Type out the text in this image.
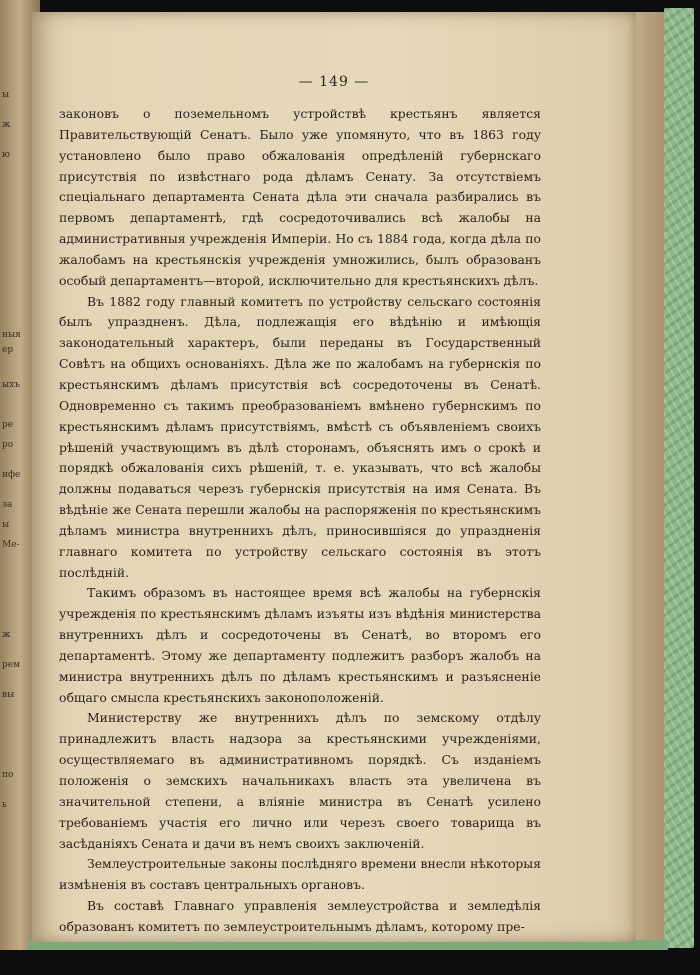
ы
ж
ю
ныя
ер
ыхъ
ре
ро
ифе
за
ы
Ме-
ж
рем
вы
по
ь
— 149 —

законовъ о поземельномъ устройствѣ крестьянъ является Правительствующій Сенатъ. Было уже упомянуто, что въ 1863 году установлено было право обжалованія опредѣленій губернскаго присутствія по извѣстнаго рода дѣламъ Сенату. За отсутствіемъ спеціальнаго департамента Сената дѣла эти сначала разбирались въ первомъ департаментѣ, гдѣ сосредоточивались всѣ жалобы на административныя учрежденія Имперіи. Но съ 1884 года, когда дѣла по жалобамъ на крестьянскія учрежденія умножились, былъ образованъ особый департаментъ—второй, исключительно для крестьянскихъ дѣлъ.

Въ 1882 году главный комитетъ по устройству сельскаго состоянія былъ упраздненъ. Дѣла, подлежащія его вѣдѣнію и имѣющія законодательный характеръ, были переданы въ Государственный Совѣтъ на общихъ основаніяхъ. Дѣла же по жалобамъ на губернскія по крестьянскимъ дѣламъ присутствія всѣ сосредоточены въ Сенатѣ. Одновременно съ такимъ преобразованіемъ вмѣнено губернскимъ по крестьянскимъ дѣламъ присутствіямъ, вмѣстѣ съ объявленіемъ своихъ рѣшеній участвующимъ въ дѣлѣ сторонамъ, объяснять имъ о срокѣ и порядкѣ обжалованія сихъ рѣшеній, т. е. указывать, что всѣ жалобы должны подаваться черезъ губернскія присутствія на имя Сената. Въ вѣдѣніе же Сената перешли жалобы на распоряженія по крестьянскимъ дѣламъ министра внутреннихъ дѣлъ, приносившіяся до упраздненія главнаго комитета по устройству сельскаго состоянія въ этотъ послѣдній.

Такимъ образомъ въ настоящее время всѣ жалобы на губернскія учрежденія по крестьянскимъ дѣламъ изъяты изъ вѣдѣнія министерства внутреннихъ дѣлъ и сосредоточены въ Сенатѣ, во второмъ его департаментѣ. Этому же департаменту подлежитъ разборъ жалобъ на министра внутреннихъ дѣлъ по дѣламъ крестьянскимъ и разъясненіе общаго смысла крестьянскихъ законоположеній.

Министерству же внутреннихъ дѣлъ по земскому отдѣлу принадлежитъ власть надзора за крестьянскими учрежденіями, осуществляемаго въ административномъ порядкѣ. Съ изданіемъ положенія о земскихъ начальникахъ власть эта увеличена въ значительной степени, а вліяніе министра въ Сенатѣ усилено требованіемъ участія его лично или черезъ своего товарища въ засѣданіяхъ Сената и дачи въ немъ своихъ заключеній.

Землеустроительные законы послѣдняго времени внесли нѣкоторыя измѣненія въ составъ центральныхъ органовъ.

Въ составѣ Главнаго управленія землеустройства и земледѣлія образованъ комитетъ по землеустроительнымъ дѣламъ, которому пре-
